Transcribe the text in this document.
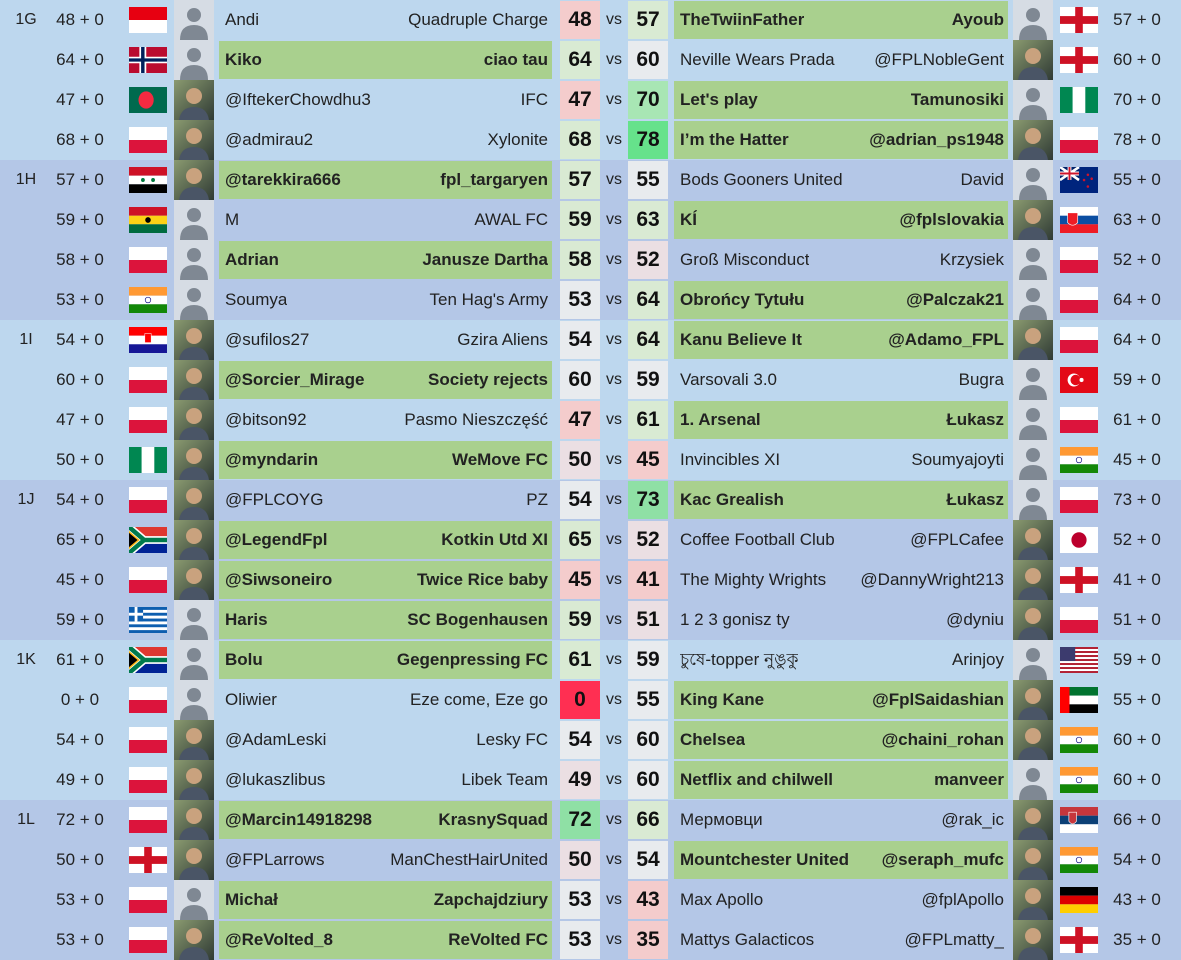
1G	48 + 0	Andi	Quadruple Charge 48 vs 57	TheTwiinFather	Ayoub	57 + 0
64 + 0	Kiko	ciao tau 64 vs 60	Neville Wears Prada @FPLNobleGent	60 + 0
47 + 0	@IftekerChowdhu3	IFC 47 vs 70	Let's play	Tamunosiki	70 + 0
68 + 0	@admirau2	Xylonite 68 vs 78	I’m the Hatter	@adrian_ps1948	78 + 0
1H	57 + 0	@tarekkira666	fpl_targaryen 57 vs 55	Bods Gooners United	David	55 + 0
59 + 0	M	AWAL FC 59 vs 63	KÍ	@fplslovakia	63 + 0
58 + 0	Adrian	Janusze Dartha 58 vs 52	Groß Misconduct	Krzysiek	52 + 0
53 + 0	Soumya	Ten Hag's Army 53 vs 64	Obrońcy Tytułu	@Palczak21	64 + 0
1I	54 + 0	@sufilos27	Gzira Aliens 54 vs 64	Kanu Believe It	@Adamo_FPL	64 + 0
60 + 0	@Sorcier_Mirage	Society rejects 60 vs 59	Varsovali 3.0	Bugra	59 + 0
47 + 0	@bitson92	Pasmo Nieszczęść 47 vs 61	1. Arsenal	Łukasz	61 + 0
50 + 0	@myndarin	WeMove FC 50 vs 45	Invincibles XI	Soumyajoyti	45 + 0
1J	54 + 0	@FPLCOYG	PZ 54 vs 73	Kac Grealish	Łukasz	73 + 0
65 + 0	@LegendFpl	Kotkin Utd XI 65 vs 52	Coffee Football Club	@FPLCafee	52 + 0
45 + 0	@Siwsoneiro	Twice Rice baby 45 vs 41	The Mighty Wrights @DannyWright213	41 + 0
59 + 0	Haris	SC Bogenhausen 59 vs 51	1 2 3 gonisz ty	@dyniu	51 + 0
1K	61 + 0	Bolu	Gegenpressing FC 61 vs 59	চুষে-topper নুঙুকু	Arinjoy	59 + 0
0 + 0	Oliwier	Eze come, Eze go	0	vs 55	King Kane	@FplSaidashian	55 + 0
54 + 0	@AdamLeski	Lesky FC 54 vs 60	Chelsea	@chaini_rohan	60 + 0
49 + 0	@lukaszlibus	Libek Team 49 vs 60	Netflix and chilwell	manveer	60 + 0
1L	72 + 0	@Marcin14918298	KrasnySquad 72 vs 66	Мермовци	@rak_ic	66 + 0
50 + 0	@FPLarrows	ManChestHairUnited 50 vs 54	Mountchester United @seraph_mufc	54 + 0
53 + 0	Michał	Zapchajdziury 53 vs 43	Max Apollo	@fplApollo	43 + 0
53 + 0	@ReVolted_8	ReVolted FC 53 vs 35	Mattys Galacticos	@FPLmatty_	35 + 0
